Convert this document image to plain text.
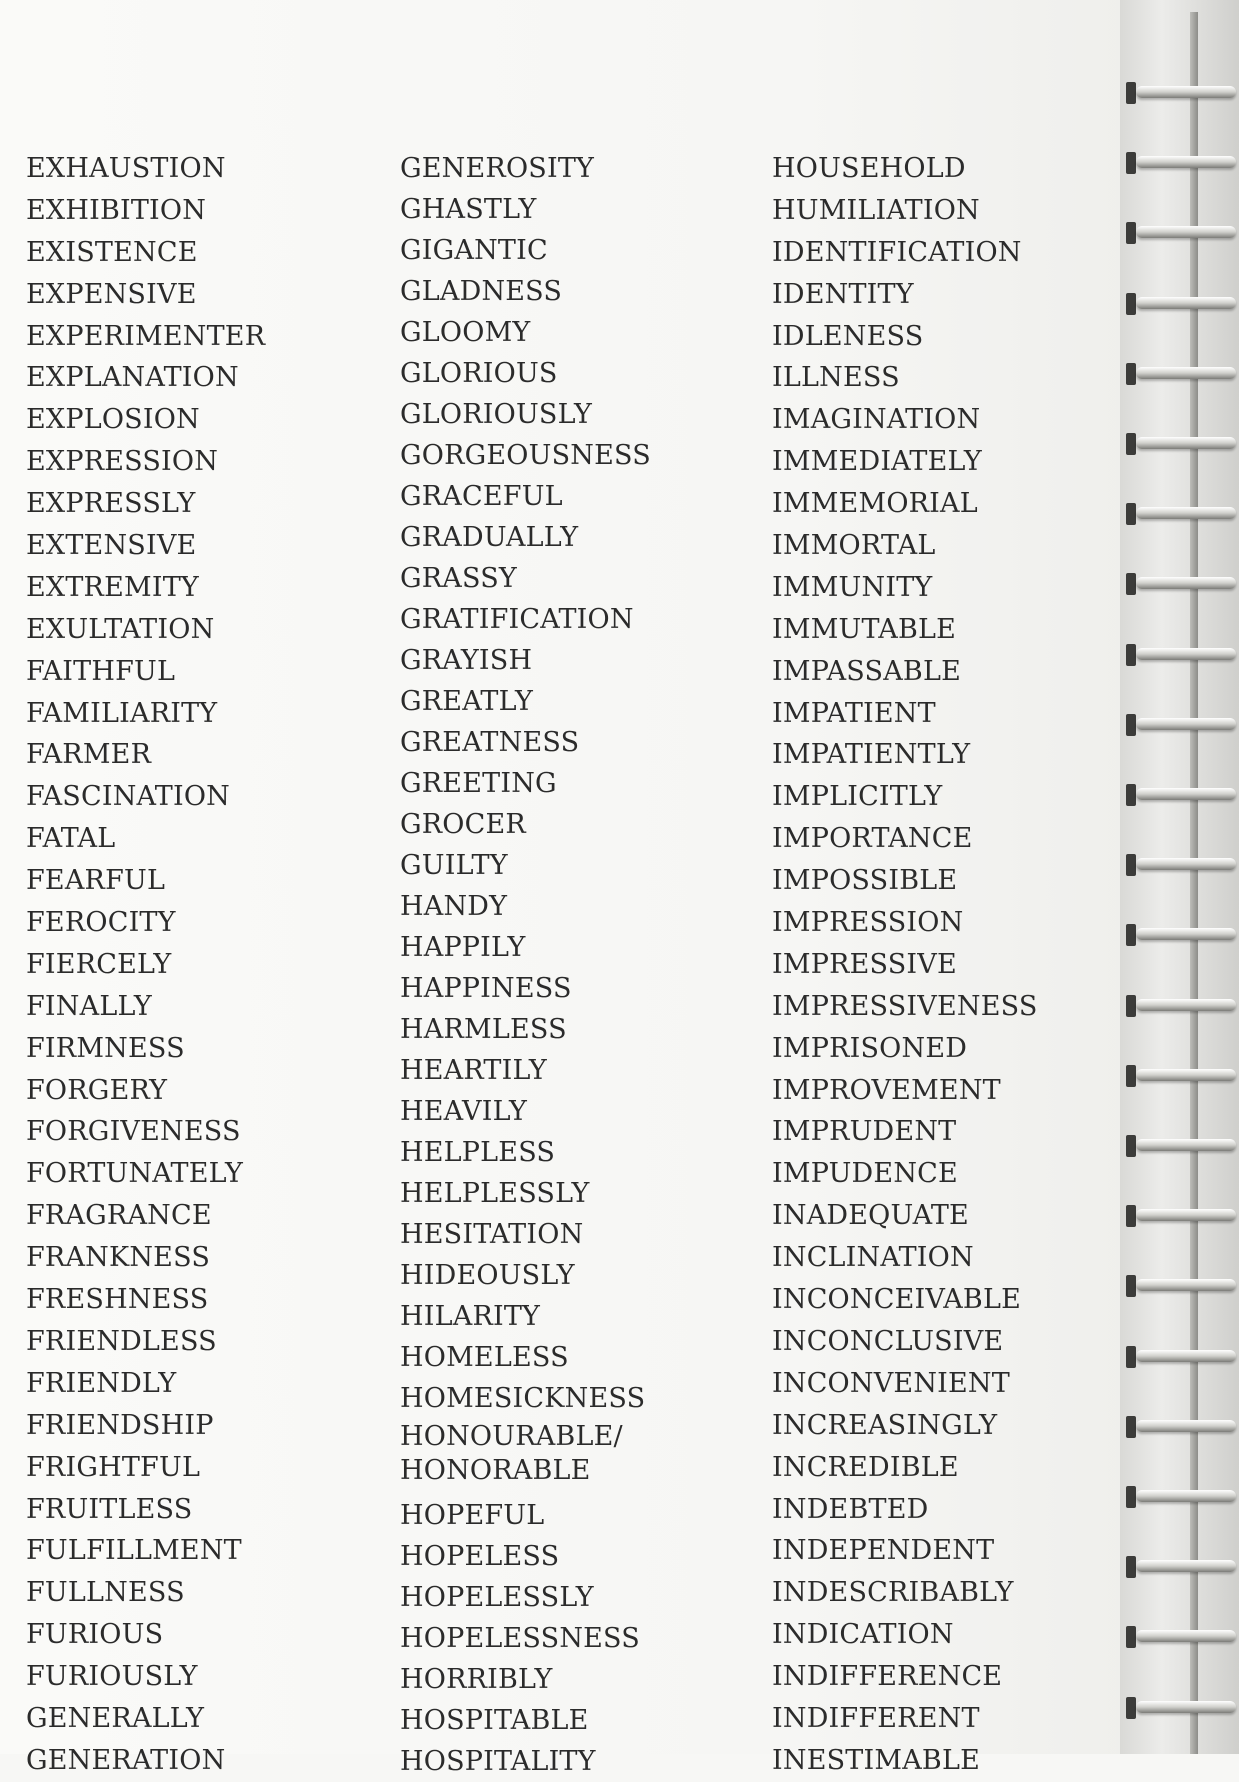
EXHAUSTION
EXHIBITION
EXISTENCE
EXPENSIVE
EXPERIMENTER
EXPLANATION
EXPLOSION
EXPRESSION
EXPRESSLY
EXTENSIVE
EXTREMITY
EXULTATION
FAITHFUL
FAMILIARITY
FARMER
FASCINATION
FATAL
FEARFUL
FEROCITY
FIERCELY
FINALLY
FIRMNESS
FORGERY
FORGIVENESS
FORTUNATELY
FRAGRANCE
FRANKNESS
FRESHNESS
FRIENDLESS
FRIENDLY
FRIENDSHIP
FRIGHTFUL
FRUITLESS
FULFILLMENT
FULLNESS
FURIOUS
FURIOUSLY
GENERALLY
GENERATION
GENEROSITY
GHASTLY
GIGANTIC
GLADNESS
GLOOMY
GLORIOUS
GLORIOUSLY
GORGEOUSNESS
GRACEFUL
GRADUALLY
GRASSY
GRATIFICATION
GRAYISH
GREATLY
GREATNESS
GREETING
GROCER
GUILTY
HANDY
HAPPILY
HAPPINESS
HARMLESS
HEARTILY
HEAVILY
HELPLESS
HELPLESSLY
HESITATION
HIDEOUSLY
HILARITY
HOMELESS
HOMESICKNESS
HONOURABLE/
HONORABLE
HOPEFUL
HOPELESS
HOPELESSLY
HOPELESSNESS
HORRIBLY
HOSPITABLE
HOSPITALITY
HOUSEHOLD
HUMILIATION
IDENTIFICATION
IDENTITY
IDLENESS
ILLNESS
IMAGINATION
IMMEDIATELY
IMMEMORIAL
IMMORTAL
IMMUNITY
IMMUTABLE
IMPASSABLE
IMPATIENT
IMPATIENTLY
IMPLICITLY
IMPORTANCE
IMPOSSIBLE
IMPRESSION
IMPRESSIVE
IMPRESSIVENESS
IMPRISONED
IMPROVEMENT
IMPRUDENT
IMPUDENCE
INADEQUATE
INCLINATION
INCONCEIVABLE
INCONCLUSIVE
INCONVENIENT
INCREASINGLY
INCREDIBLE
INDEBTED
INDEPENDENT
INDESCRIBABLY
INDICATION
INDIFFERENCE
INDIFFERENT
INESTIMABLE
